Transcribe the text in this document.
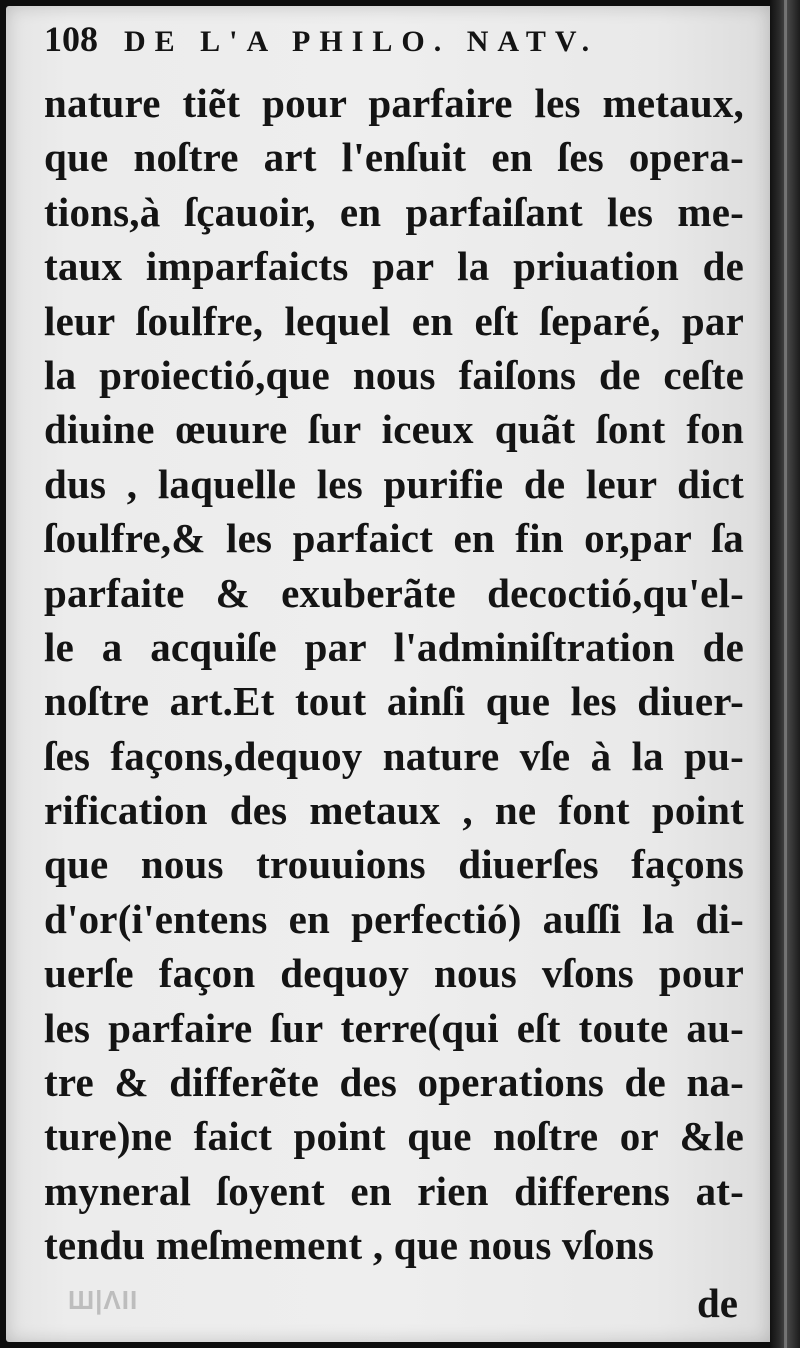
108 DE L'A PHILO. NATV.
nature tiẽt pour parfaire les metaux,
que noſtre art l'enſuit en ſes opera-
tions,à ſçauoir, en parfaiſant les me-
taux imparfaicts par la priuation de
leur ſoulfre, lequel en eſt ſeparé, par
la proiectió,que nous faiſons de ceſte
diuine œuure ſur iceux quãt ſont fon
dus , laquelle les purifie de leur dict
ſoulfre,& les parfaict en fin or,par ſa
parfaite & exuberãte decoctió,qu'el-
le a acquiſe par l'adminiſtration de
noſtre art.Et tout ainſi que les diuer-
ſes façons,dequoy nature vſe à la pu-
rification des metaux , ne font point
que nous trouuions diuerſes façons
d'or(i'entens en perfectió) auſſi la di-
uerſe façon dequoy nous vſons pour
les parfaire ſur terre(qui eſt toute au-
tre & differẽte des operations de na-
ture)ne faict point que noſtre or &le
myneral ſoyent en rien differens at-
tendu meſmement , que nous vſons
Ш|ΛII	de
